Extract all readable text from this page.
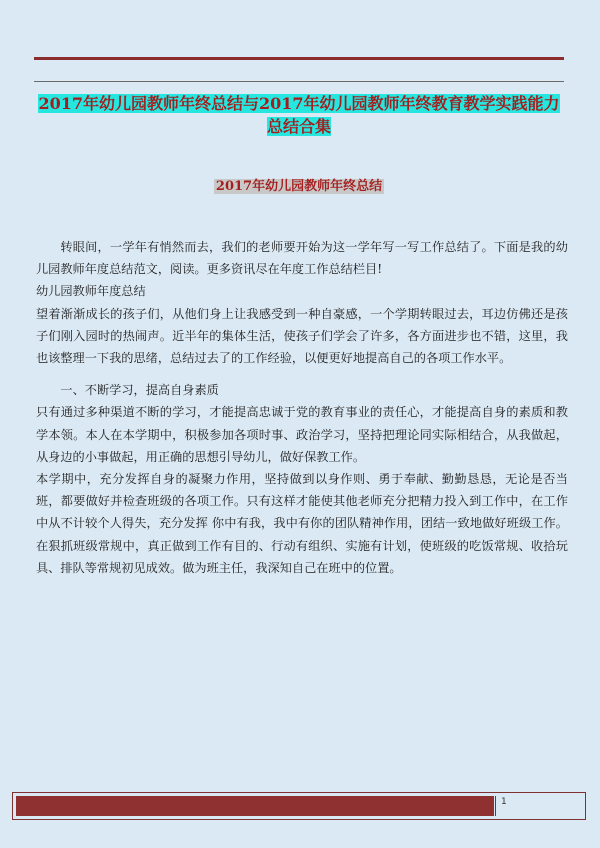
2017年幼儿园教师年终总结与2017年幼儿园教师年终教育教学实践能力总结合集
2017年幼儿园教师年终总结

转眼间，一学年有悄然而去，我们的老师要开始为这一学年写一写工作总结了。下面是我的幼儿园教师年度总结范文，阅读。更多资讯尽在年度工作总结栏目!

幼儿园教师年度总结

望着渐渐成长的孩子们，从他们身上让我感受到一种自豪感，一个学期转眼过去，耳边仿佛还是孩子们刚入园时的热闹声。近半年的集体生活，使孩子们学会了许多，各方面进步也不错，这里，我也该整理一下我的思绪，总结过去了的工作经验，以便更好地提高自己的各项工作水平。

一、不断学习，提高自身素质

只有通过多种渠道不断的学习，才能提高忠诚于党的教育事业的责任心，才能提高自身的素质和教学本领。本人在本学期中，积极参加各项时事、政治学习，坚持把理论同实际相结合，从我做起，从身边的小事做起，用正确的思想引导幼儿，做好保教工作。

本学期中，充分发挥自身的凝聚力作用，坚持做到以身作则、勇于奉献、勤勤恳恳，无论是否当班，都要做好并检查班级的各项工作。只有这样才能使其他老师充分把精力投入到工作中，在工作中从不计较个人得失，充分发挥 你中有我，我中有你的团队精神作用，团结一致地做好班级工作。在狠抓班级常规中，真正做到工作有目的、行动有组织、实施有计划，使班级的吃饭常规、收拾玩具、排队等常规初见成效。做为班主任，我深知自己在班中的位置。

1
